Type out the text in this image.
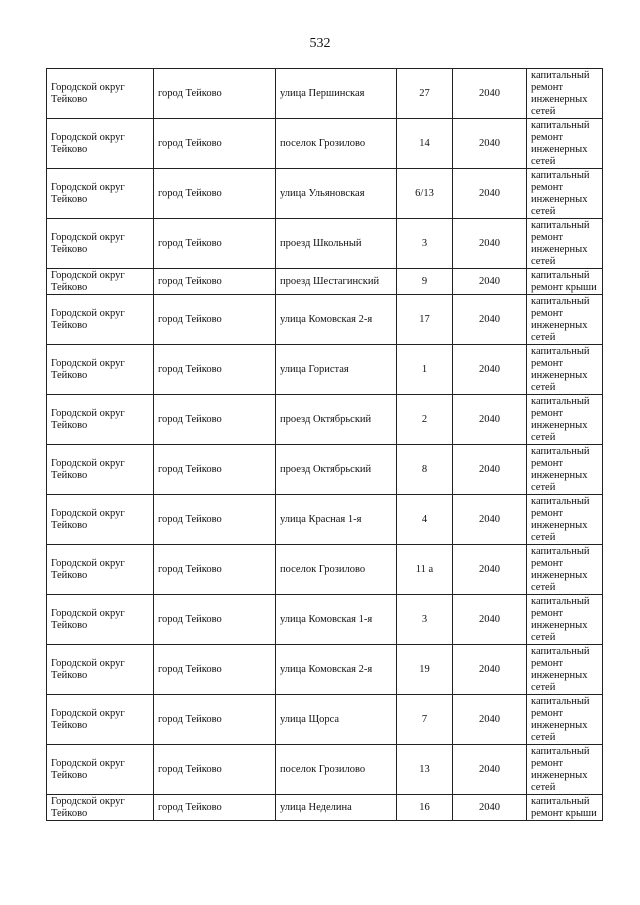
532
Городской округ Тейково	город Тейково	улица Першинская	27	2040	капитальный ремонт инженерных сетей
Городской округ Тейково	город Тейково	поселок Грозилово	14	2040	капитальный ремонт инженерных сетей
Городской округ Тейково	город Тейково	улица Ульяновская	6/13	2040	капитальный ремонт инженерных сетей
Городской округ Тейково	город Тейково	проезд Школьный	3	2040	капитальный ремонт инженерных сетей
Городской округ Тейково	город Тейково	проезд Шестагинский	9	2040	капитальный ремонт крыши
Городской округ Тейково	город Тейково	улица Комовская 2-я	17	2040	капитальный ремонт инженерных сетей
Городской округ Тейково	город Тейково	улица Гористая	1	2040	капитальный ремонт инженерных сетей
Городской округ Тейково	город Тейково	проезд Октябрьский	2	2040	капитальный ремонт инженерных сетей
Городской округ Тейково	город Тейково	проезд Октябрьский	8	2040	капитальный ремонт инженерных сетей
Городской округ Тейково	город Тейково	улица Красная 1-я	4	2040	капитальный ремонт инженерных сетей
Городской округ Тейково	город Тейково	поселок Грозилово	11 а	2040	капитальный ремонт инженерных сетей
Городской округ Тейково	город Тейково	улица Комовская 1-я	3	2040	капитальный ремонт инженерных сетей
Городской округ Тейково	город Тейково	улица Комовская 2-я	19	2040	капитальный ремонт инженерных сетей
Городской округ Тейково	город Тейково	улица Щорса	7	2040	капитальный ремонт инженерных сетей
Городской округ Тейково	город Тейково	поселок Грозилово	13	2040	капитальный ремонт инженерных сетей
Городской округ Тейково	город Тейково	улица Неделина	16	2040	капитальный ремонт крыши
